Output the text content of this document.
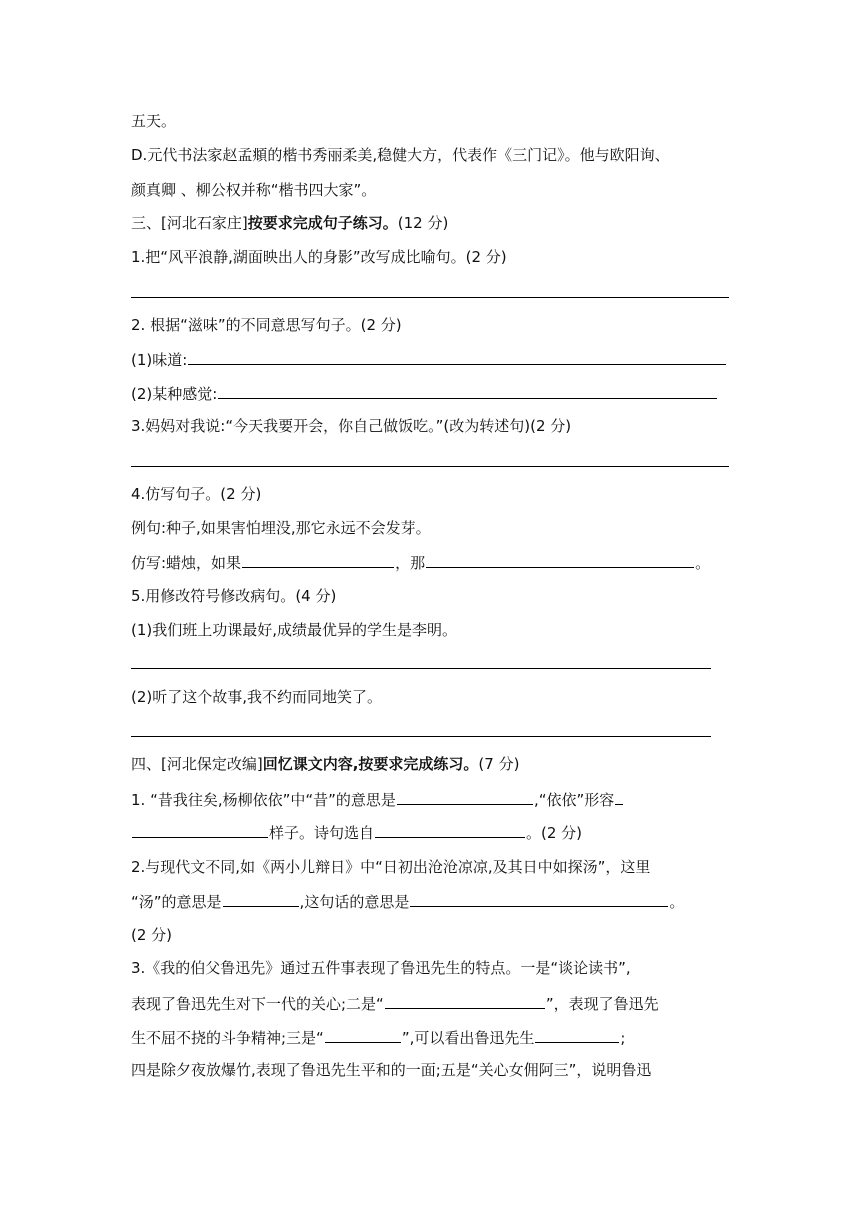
五天。
D.元代书法家赵孟頫的楷书秀丽柔美,稳健大方，代表作《三门记》。他与欧阳询、
颜真卿 、柳公权并称“楷书四大家”。
三、[河北石家庄]按要求完成句子练习。(12 分)
1.把“风平浪静,湖面映出人的身影”改写成比喻句。(2 分)
2. 根据“滋味”的不同意思写句子。(2 分)
(1)味道:
(2)某种感觉:
3.妈妈对我说:“今天我要开会，你自己做饭吃。”(改为转述句)(2 分)
4.仿写句子。(2 分)
例句:种子,如果害怕埋没,那它永远不会发芽。
仿写:蜡烛，如果	，那	。
5.用修改符号修改病句。(4 分)
(1)我们班上功课最好,成绩最优异的学生是李明。
(2)听了这个故事,我不约而同地笑了。
四、[河北保定改编]回忆课文内容,按要求完成练习。(7 分)
1. “昔我往矣,杨柳依依”中“昔”的意思是	,“依依”形容
样子。诗句选自	。(2 分)
2.与现代文不同,如《两小儿辩日》中“日初出沧沧凉凉,及其日中如探汤”，这里
“汤”的意思是	,这句话的意思是	。
(2 分)
3.《我的伯父鲁迅先》通过五件事表现了鲁迅先生的特点。一是“谈论读书”,
表现了鲁迅先生对下一代的关心;二是“	”，表现了鲁迅先
生不屈不挠的斗争精神;三是“	”,可以看出鲁迅先生	;
四是除夕夜放爆竹,表现了鲁迅先生平和的一面;五是“关心女佣阿三”，说明鲁迅
